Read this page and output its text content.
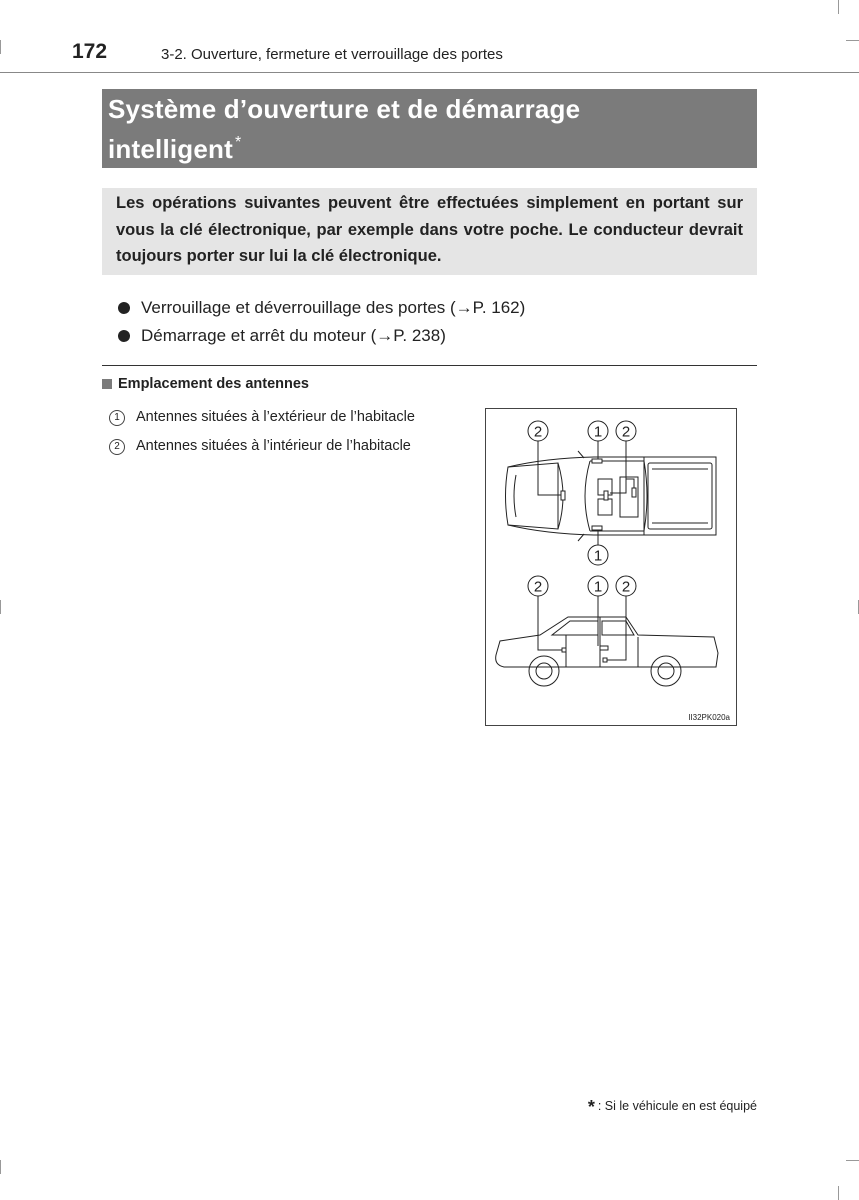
172	3-2. Ouverture, fermeture et verrouillage des portes
Système d’ouverture et de démarrage
intelligent *

Les opérations suivantes peuvent être effectuées simplement en portant sur vous la clé électronique, par exemple dans votre poche. Le conducteur devrait toujours porter sur lui la clé électronique.

Verrouillage et déverrouillage des portes (→P. 162)
Démarrage et arrêt du moteur (→P. 238)
Emplacement des antennes
1	Antennes situées à l’extérieur de l’habitacle
2	Antennes situées à l’intérieur de l’habitacle
2	1 2
1
2	1 2
II32PK020a
* : Si le véhicule en est équipé
